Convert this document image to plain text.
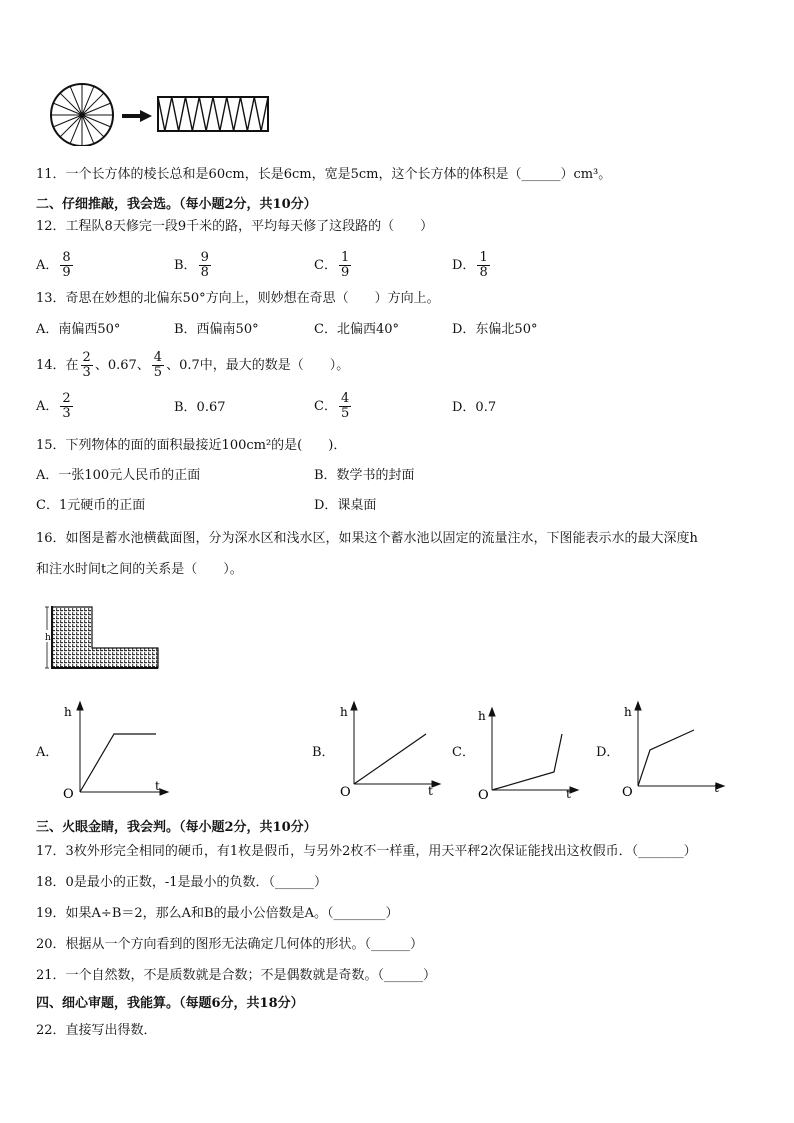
11．一个长方体的棱长总和是60cm，长是6cm，宽是5cm，这个长方体的体积是（______）cm³。
二、仔细推敲，我会选。（每小题2分，共10分）
12．工程队8天修完一段9千米的路，平均每天修了这段路的（　　）
A． $\frac{8}{9}$	B． $\frac{9}{8}$	C． $\frac{1}{9}$	D． $\frac{1}{8}$
13．奇思在妙想的北偏东50°方向上，则妙想在奇思（　　）方向上。
A．南偏西50°	B．西偏南50°	C．北偏西40°	D．东偏北50°
14．在 $\frac{2}{3}$ 、0.67、 $\frac{4}{5}$ 、0.7中，最大的数是（　　）。
A． $\frac{2}{3}$	B．0.67	C． $\frac{4}{5}$	D．0.7
15．下列物体的面的面积最接近100cm²的是(　　)．
A．一张100元人民币的正面	B．数学书的封面
C．1元硬币的正面	D．课桌面
16．如图是蓄水池横截面图，分为深水区和浅水区，如果这个蓄水池以固定的流量注水，下图能表示水的最大深度h
和注水时间t之间的关系是（　　）。
h
A．
h
t
O
B．
h
t
O
C．
h
t
O
D．
h
t
O
三、火眼金睛，我会判。（每小题2分，共10分）
17．3枚外形完全相同的硬币，有1枚是假币，与另外2枚不一样重，用天平秤2次保证能找出这枚假币．（_______）
18．0是最小的正数，-1是最小的负数．（______）
19．如果A÷B＝2，那么A和B的最小公倍数是A。（________）
20．根据从一个方向看到的图形无法确定几何体的形状。（______）
21．一个自然数，不是质数就是合数；不是偶数就是奇数。（______）
四、细心审题，我能算。（每题6分，共18分）
22．直接写出得数．
